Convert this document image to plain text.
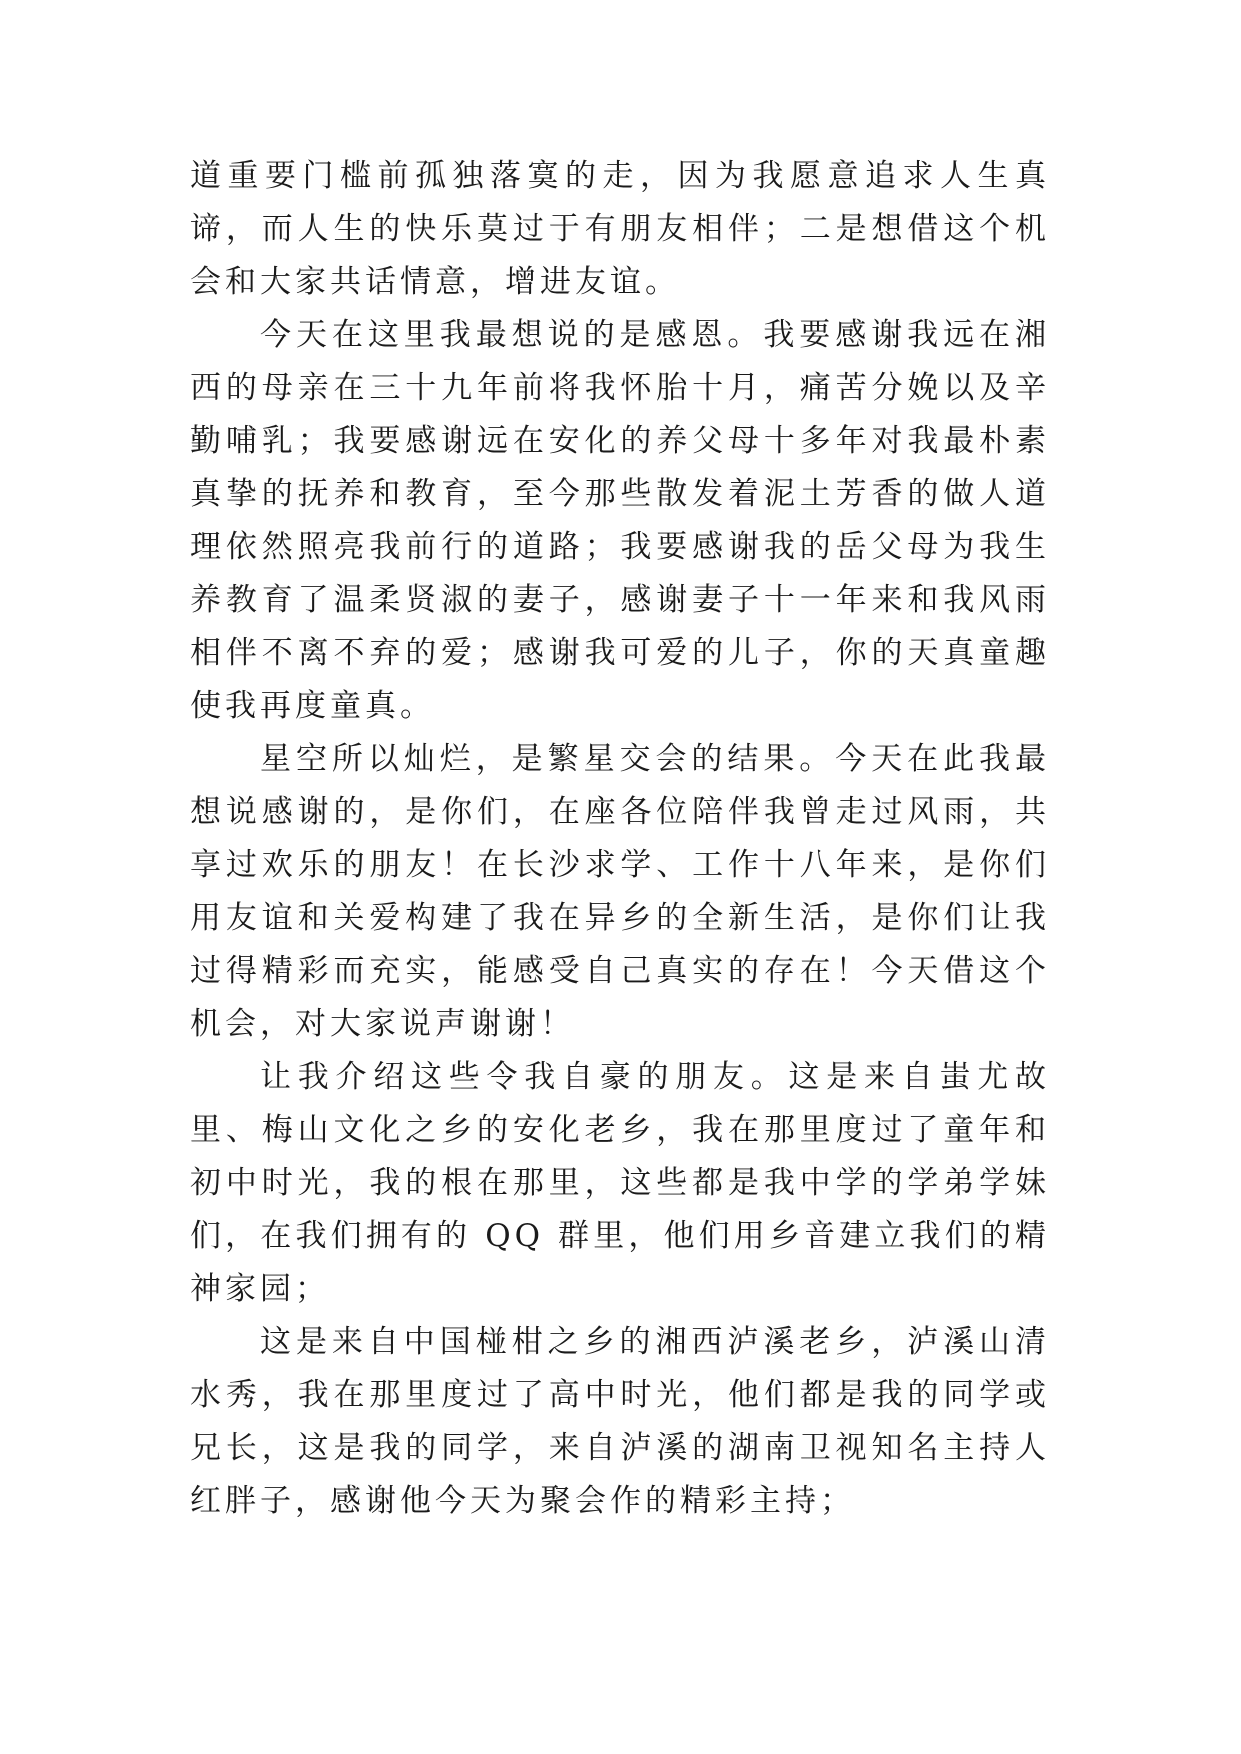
道重要门槛前孤独落寞的走，因为我愿意追求人生真谛，而人生的快乐莫过于有朋友相伴；二是想借这个机会和大家共话情意，增进友谊。

今天在这里我最想说的是感恩。我要感谢我远在湘西的母亲在三十九年前将我怀胎十月，痛苦分娩以及辛勤哺乳；我要感谢远在安化的养父母十多年对我最朴素真挚的抚养和教育，至今那些散发着泥土芳香的做人道理依然照亮我前行的道路；我要感谢我的岳父母为我生养教育了温柔贤淑的妻子，感谢妻子十一年来和我风雨相伴不离不弃的爱；感谢我可爱的儿子，你的天真童趣使我再度童真。

星空所以灿烂，是繁星交会的结果。今天在此我最想说感谢的，是你们，在座各位陪伴我曾走过风雨，共享过欢乐的朋友！在长沙求学、工作十八年来，是你们用友谊和关爱构建了我在异乡的全新生活，是你们让我过得精彩而充实，能感受自己真实的存在！今天借这个机会，对大家说声谢谢！

让我介绍这些令我自豪的朋友。这是来自蚩尤故里、梅山文化之乡的安化老乡，我在那里度过了童年和初中时光，我的根在那里，这些都是我中学的学弟学妹们，在我们拥有的 QQ 群里，他们用乡音建立我们的精神家园；

这是来自中国椪柑之乡的湘西泸溪老乡，泸溪山清水秀，我在那里度过了高中时光，他们都是我的同学或兄长，这是我的同学，来自泸溪的湖南卫视知名主持人红胖子，感谢他今天为聚会作的精彩主持；
